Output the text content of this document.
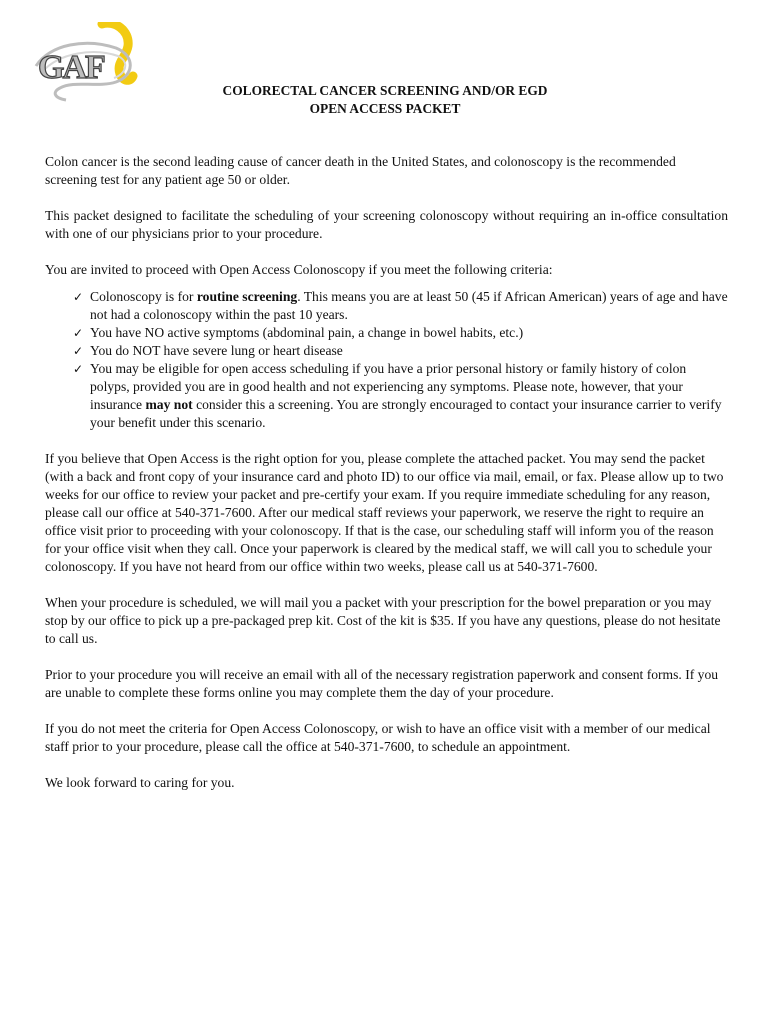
GAF
COLORECTAL CANCER SCREENING AND/OR EGD
OPEN ACCESS PACKET

Colon cancer is the second leading cause of cancer death in the United States, and colonoscopy is the recommended screening test for any patient age 50 or older.

This packet designed to facilitate the scheduling of your screening colonoscopy without requiring an in-office consultation with one of our physicians prior to your procedure.

You are invited to proceed with Open Access Colonoscopy if you meet the following criteria:

✓ Colonoscopy is for routine screening. This means you are at least 50 (45 if African American) years of age and have not had a colonoscopy within the past 10 years.
✓ You have NO active symptoms (abdominal pain, a change in bowel habits, etc.)
✓ You do NOT have severe lung or heart disease
✓ You may be eligible for open access scheduling if you have a prior personal history or family history of colon polyps, provided you are in good health and not experiencing any symptoms. Please note, however, that your insurance may not consider this a screening. You are strongly encouraged to contact your insurance carrier to verify your benefit under this scenario.

If you believe that Open Access is the right option for you, please complete the attached packet. You may send the packet (with a back and front copy of your insurance card and photo ID) to our office via mail, email, or fax. Please allow up to two weeks for our office to review your packet and pre-certify your exam. If you require immediate scheduling for any reason, please call our office at 540-371-7600. After our medical staff reviews your paperwork, we reserve the right to require an office visit prior to proceeding with your colonoscopy. If that is the case, our scheduling staff will inform you of the reason for your office visit when they call. Once your paperwork is cleared by the medical staff, we will call you to schedule your colonoscopy. If you have not heard from our office within two weeks, please call us at 540-371-7600.

When your procedure is scheduled, we will mail you a packet with your prescription for the bowel preparation or you may stop by our office to pick up a pre-packaged prep kit. Cost of the kit is $35. If you have any questions, please do not hesitate to call us.

Prior to your procedure you will receive an email with all of the necessary registration paperwork and consent forms. If you are unable to complete these forms online you may complete them the day of your procedure.

If you do not meet the criteria for Open Access Colonoscopy, or wish to have an office visit with a member of our medical staff prior to your procedure, please call the office at 540-371-7600, to schedule an appointment.

We look forward to caring for you.
